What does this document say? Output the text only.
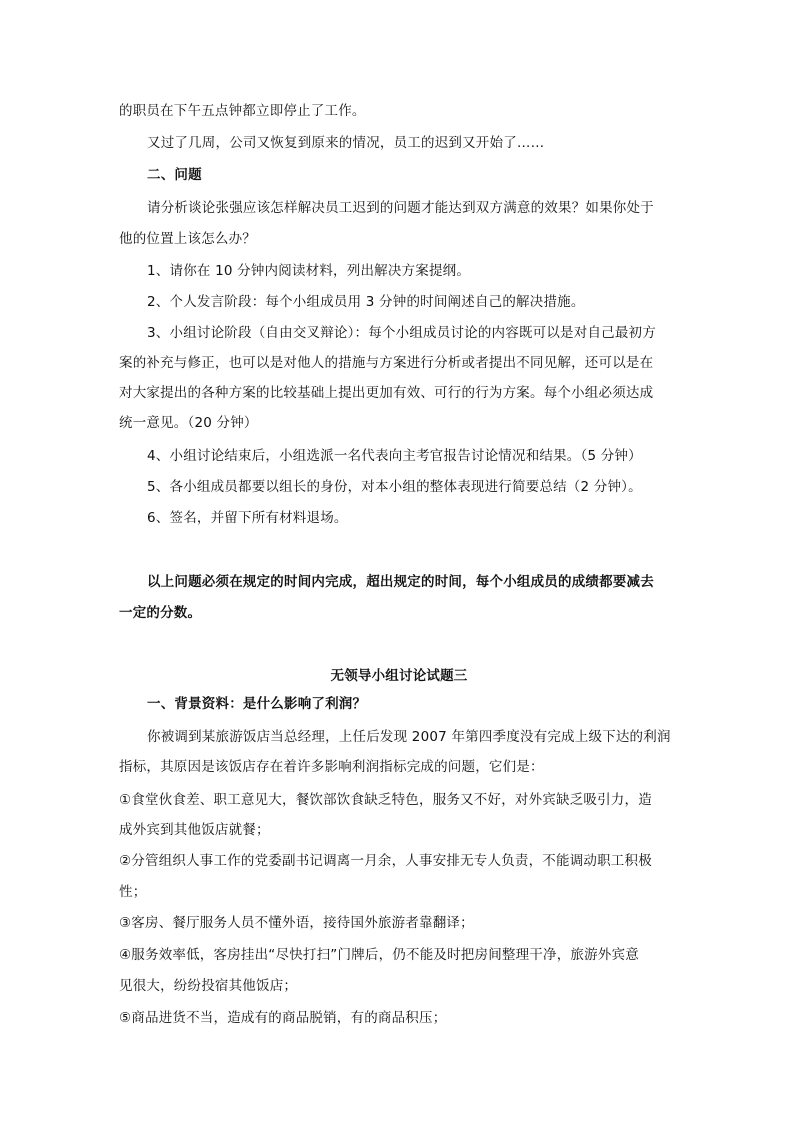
的职员在下午五点钟都立即停止了工作。
又过了几周，公司又恢复到原来的情况，员工的迟到又开始了……
二、问题
请分析谈论张强应该怎样解决员工迟到的问题才能达到双方满意的效果？如果你处于
他的位置上该怎么办？
1、请你在 10 分钟内阅读材料，列出解决方案提纲。
2、个人发言阶段：每个小组成员用 3 分钟的时间阐述自己的解决措施。
3、小组讨论阶段（自由交叉辩论）：每个小组成员讨论的内容既可以是对自己最初方
案的补充与修正，也可以是对他人的措施与方案进行分析或者提出不同见解，还可以是在
对大家提出的各种方案的比较基础上提出更加有效、可行的行为方案。每个小组必须达成
统一意见。（20 分钟）
4、小组讨论结束后，小组选派一名代表向主考官报告讨论情况和结果。（5 分钟）
5、各小组成员都要以组长的身份，对本小组的整体表现进行简要总结（2 分钟）。
6、签名，并留下所有材料退场。
以上问题必须在规定的时间内完成，超出规定的时间，每个小组成员的成绩都要减去
一定的分数。
无领导小组讨论试题三
一、背景资料：是什么影响了利润？
你被调到某旅游饭店当总经理，上任后发现 2007 年第四季度没有完成上级下达的利润
指标，其原因是该饭店存在着许多影响利润指标完成的问题，它们是：
①食堂伙食差、职工意见大，餐饮部饮食缺乏特色，服务又不好，对外宾缺乏吸引力，造
成外宾到其他饭店就餐；
②分管组织人事工作的党委副书记调离一月余，人事安排无专人负责，不能调动职工积极
性；
③客房、餐厅服务人员不懂外语，接待国外旅游者靠翻译；
④服务效率低，客房挂出“尽快打扫”门牌后，仍不能及时把房间整理干净，旅游外宾意
见很大，纷纷投宿其他饭店；
⑤商品进货不当，造成有的商品脱销，有的商品积压；
